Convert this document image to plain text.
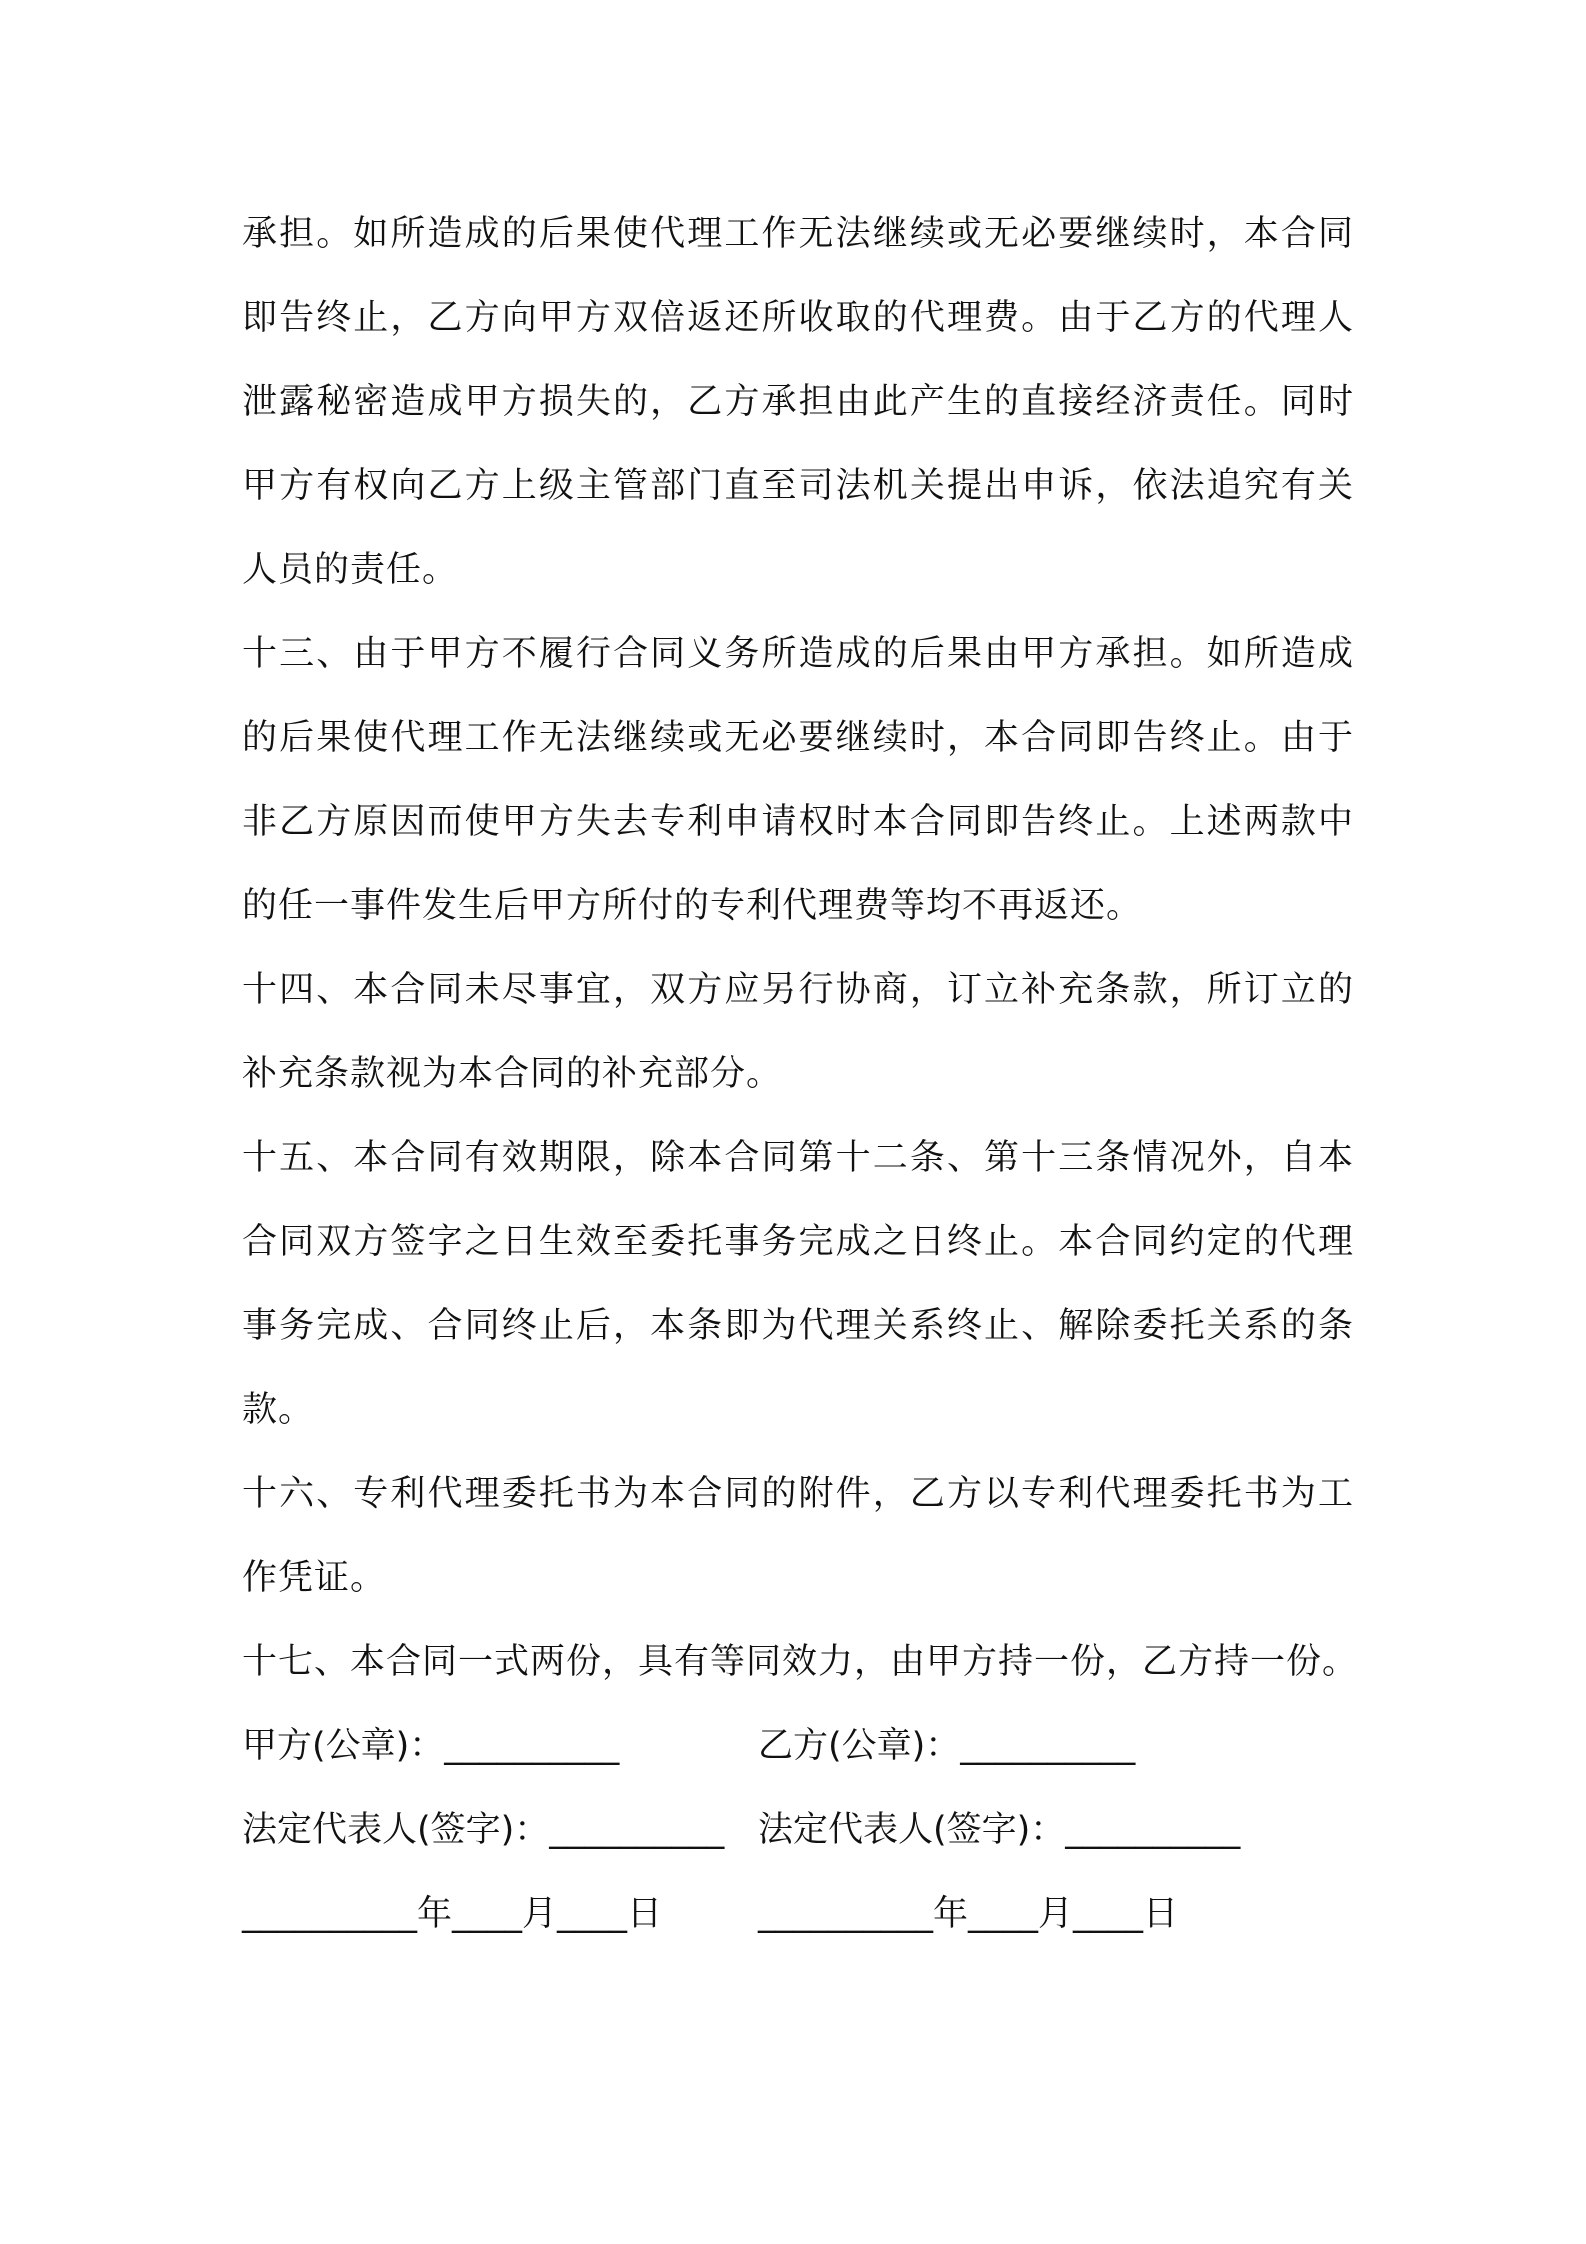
承担。如所造成的后果使代理工作无法继续或无必要继续时，本合同
即告终止，乙方向甲方双倍返还所收取的代理费。由于乙方的代理人
泄露秘密造成甲方损失的，乙方承担由此产生的直接经济责任。同时
甲方有权向乙方上级主管部门直至司法机关提出申诉，依法追究有关
人员的责任。
十三、由于甲方不履行合同义务所造成的后果由甲方承担。如所造成
的后果使代理工作无法继续或无必要继续时，本合同即告终止。由于
非乙方原因而使甲方失去专利申请权时本合同即告终止。上述两款中
的任一事件发生后甲方所付的专利代理费等均不再返还。
十四、本合同未尽事宜，双方应另行协商，订立补充条款，所订立的
补充条款视为本合同的补充部分。
十五、本合同有效期限，除本合同第十二条、第十三条情况外，自本
合同双方签字之日生效至委托事务完成之日终止。本合同约定的代理
事务完成、合同终止后，本条即为代理关系终止、解除委托关系的条
款。
十六、专利代理委托书为本合同的附件，乙方以专利代理委托书为工
作凭证。
十七、本合同一式两份，具有等同效力，由甲方持一份，乙方持一份。
甲方(公章)：__________	乙方(公章)：__________
法定代表人(签字)：__________ 法定代表人(签字)：__________
__________年____月____日	__________年____月____日
